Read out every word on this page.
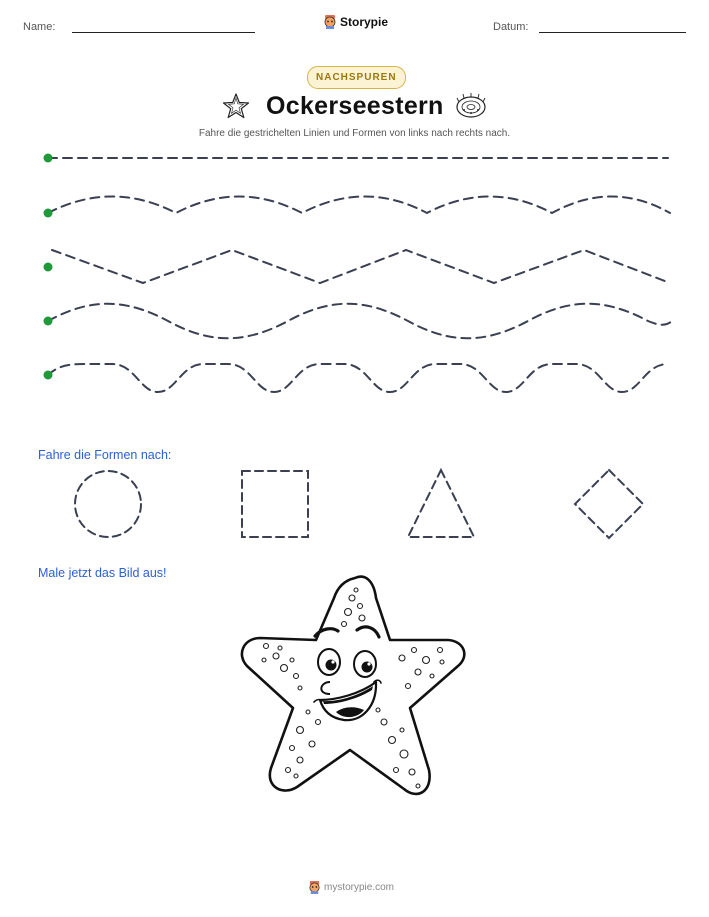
Name:	Storypie	Datum:
NACHSPUREN
Ockerseestern
Fahre die gestrichelten Linien und Formen von links nach rechts nach.
Fahre die Formen nach:
Male jetzt das Bild aus!
mystorypie.com
